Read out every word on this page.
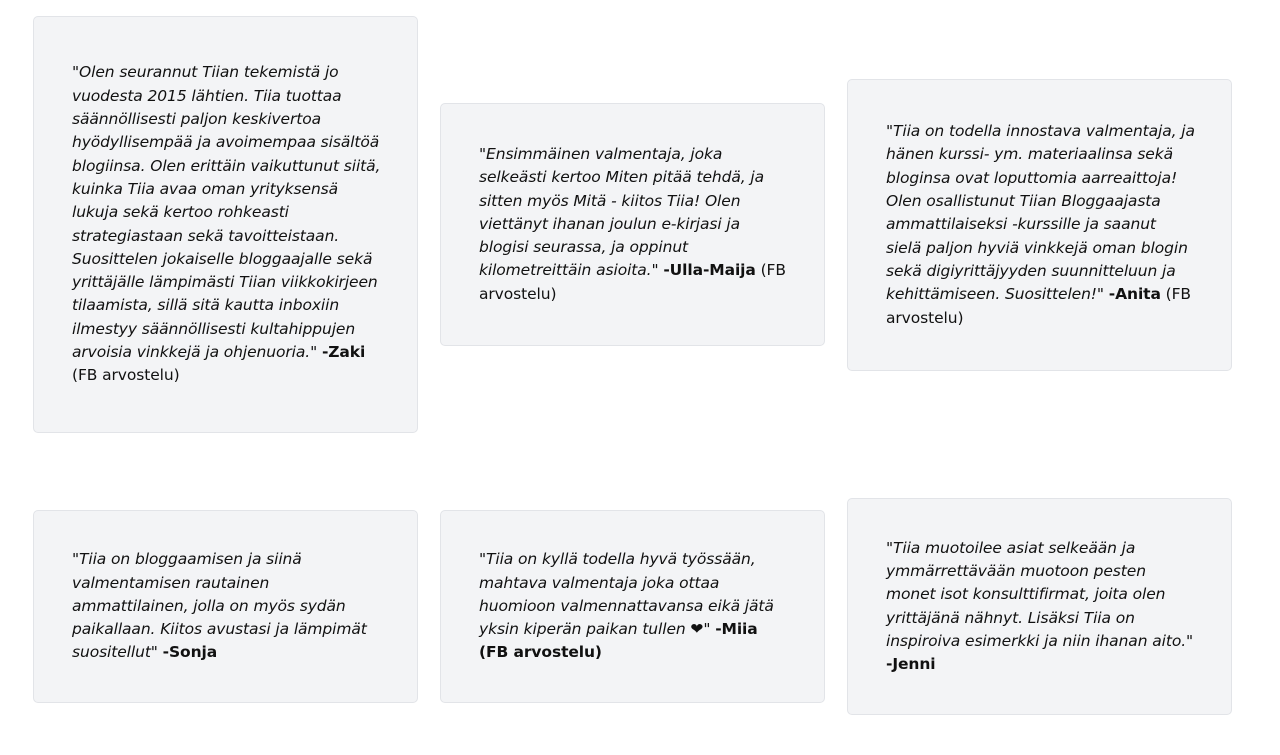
"Olen seurannut Tiian tekemistä jo vuodesta 2015 lähtien. Tiia tuottaa säännöllisesti paljon keskivertoa hyödyllisempää ja avoimempaa sisältöä blogiinsa. Olen erittäin vaikuttunut siitä, kuinka Tiia avaa oman yrityksensä lukuja sekä kertoo rohkeasti strategiastaan sekä tavoitteistaan. Suosittelen jokaiselle bloggaajalle sekä yrittäjälle lämpimästi Tiian viikkokirjeen tilaamista, sillä sitä kautta inboxiin ilmestyy säännöllisesti kultahippujen arvoisia vinkkejä ja ohjenuoria." -Zaki (FB arvostelu)

"Ensimmäinen valmentaja, joka selkeästi kertoo Miten pitää tehdä, ja sitten myös Mitä - kiitos Tiia! Olen viettänyt ihanan joulun e-kirjasi ja blogisi seurassa, ja oppinut kilometreittäin asioita." -Ulla-Maija (FB arvostelu)

"Tiia on todella innostava valmentaja, ja hänen kurssi- ym. materiaalinsa sekä bloginsa ovat loputtomia aarreaittoja! Olen osallistunut Tiian Bloggaajasta ammattilaiseksi -kurssille ja saanut sielä paljon hyviä vinkkejä oman blogin sekä digiyrittäjyyden suunnitteluun ja kehittämiseen. Suosittelen!" -Anita (FB arvostelu)

"Tiia on bloggaamisen ja siinä valmentamisen rautainen ammattilainen, jolla on myös sydän paikallaan. Kiitos avustasi ja lämpimät suositellut" -Sonja

"Tiia on kyllä todella hyvä työssään, mahtava valmentaja joka ottaa huomioon valmennattavansa eikä jätä yksin kiperän paikan tullen ❤" -Miia (FB arvostelu)

"Tiia muotoilee asiat selkeään ja ymmärrettävään muotoon pesten monet isot konsulttifirmat, joita olen yrittäjänä nähnyt. Lisäksi Tiia on inspiroiva esimerkki ja niin ihanan aito." -Jenni
